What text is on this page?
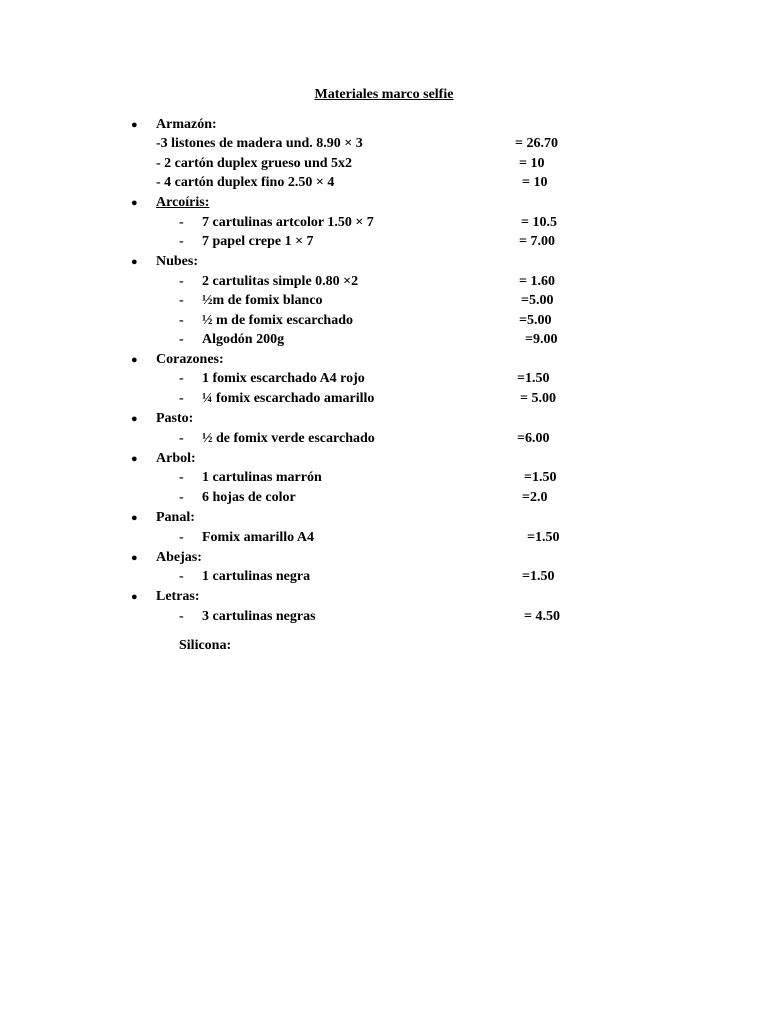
Materiales marco selfie
● Armazón:
-3 listones de madera und. 8.90 × 3	= 26.70
- 2 cartón duplex grueso und 5x2	= 10
- 4 cartón duplex fino 2.50 × 4	= 10
● Arcoíris:
- 7 cartulinas artcolor 1.50 × 7	= 10.5
- 7 papel crepe 1 × 7	= 7.00
● Nubes:
- 2 cartulitas simple 0.80 ×2	= 1.60
- ½m de fomix blanco	=5.00
- ½ m de fomix escarchado	=5.00
- Algodón 200g	=9.00
● Corazones:
- 1 fomix escarchado A4 rojo	=1.50
- ¼ fomix escarchado amarillo	= 5.00
● Pasto:
- ½ de fomix verde escarchado	=6.00
● Arbol:
- 1 cartulinas marrón	=1.50
- 6 hojas de color	=2.0
● Panal:
- Fomix amarillo A4	=1.50
● Abejas:
- 1 cartulinas negra	=1.50
● Letras:
- 3 cartulinas negras	= 4.50
Silicona:
